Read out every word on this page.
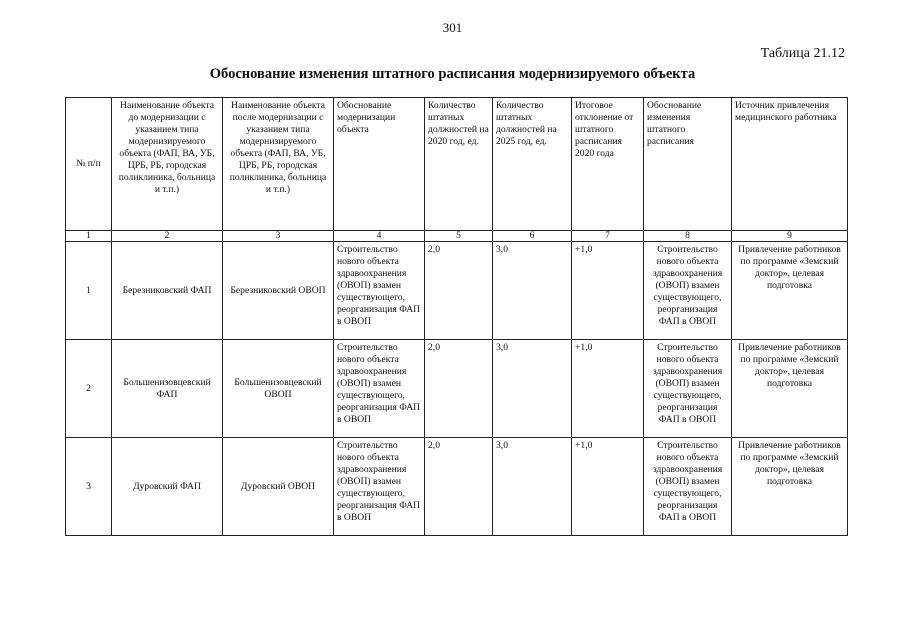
301
Таблица 21.12
Обоснование изменения штатного расписания модернизируемого объекта
№ п/п	Наименование объекта до модернизации с указанием типа модернизируемого объекта (ФАП, ВА, УБ, ЦРБ, РБ, городская поликлиника, больница и т.п.)	Наименование объекта после модернизации с указанием типа модернизируемого объекта (ФАП, ВА, УБ, ЦРБ, РБ, городская поликлиника, больница и т.п.)	Обоснование модернизации объекта	Количество штатных должностей на 2020 год, ед.	Количество штатных должностей на 2025 год, ед.	Итоговое отклонение от штатного расписания 2020 года	Обоснование изменения штатного расписания	Источник привлечения медицинского работника
1	2	3	4	5	6	7	8	9
1	Березниковский ФАП	Березниковский ОВОП	Строительство нового объекта здравоохранения (ОВОП) взамен существующего, реорганизация ФАП в ОВОП	2,0	3,0	+1,0	Строительство нового объекта здравоохранения (ОВОП) взамен существующего, реорганизация ФАП в ОВОП	Привлечение работников по программе «Земский доктор», целевая подготовка
2	Большенизовцевский ФАП	Большенизовцевский ОВОП	Строительство нового объекта здравоохранения (ОВОП) взамен существующего, реорганизация ФАП в ОВОП	2,0	3,0	+1,0	Строительство нового объекта здравоохранения (ОВОП) взамен существующего, реорганизация ФАП в ОВОП	Привлечение работников по программе «Земский доктор», целевая подготовка
3	Дуровский ФАП	Дуровский ОВОП	Строительство нового объекта здравоохранения (ОВОП) взамен существующего, реорганизация ФАП в ОВОП	2,0	3,0	+1,0	Строительство нового объекта здравоохранения (ОВОП) взамен существующего, реорганизация ФАП в ОВОП	Привлечение работников по программе «Земский доктор», целевая подготовка
